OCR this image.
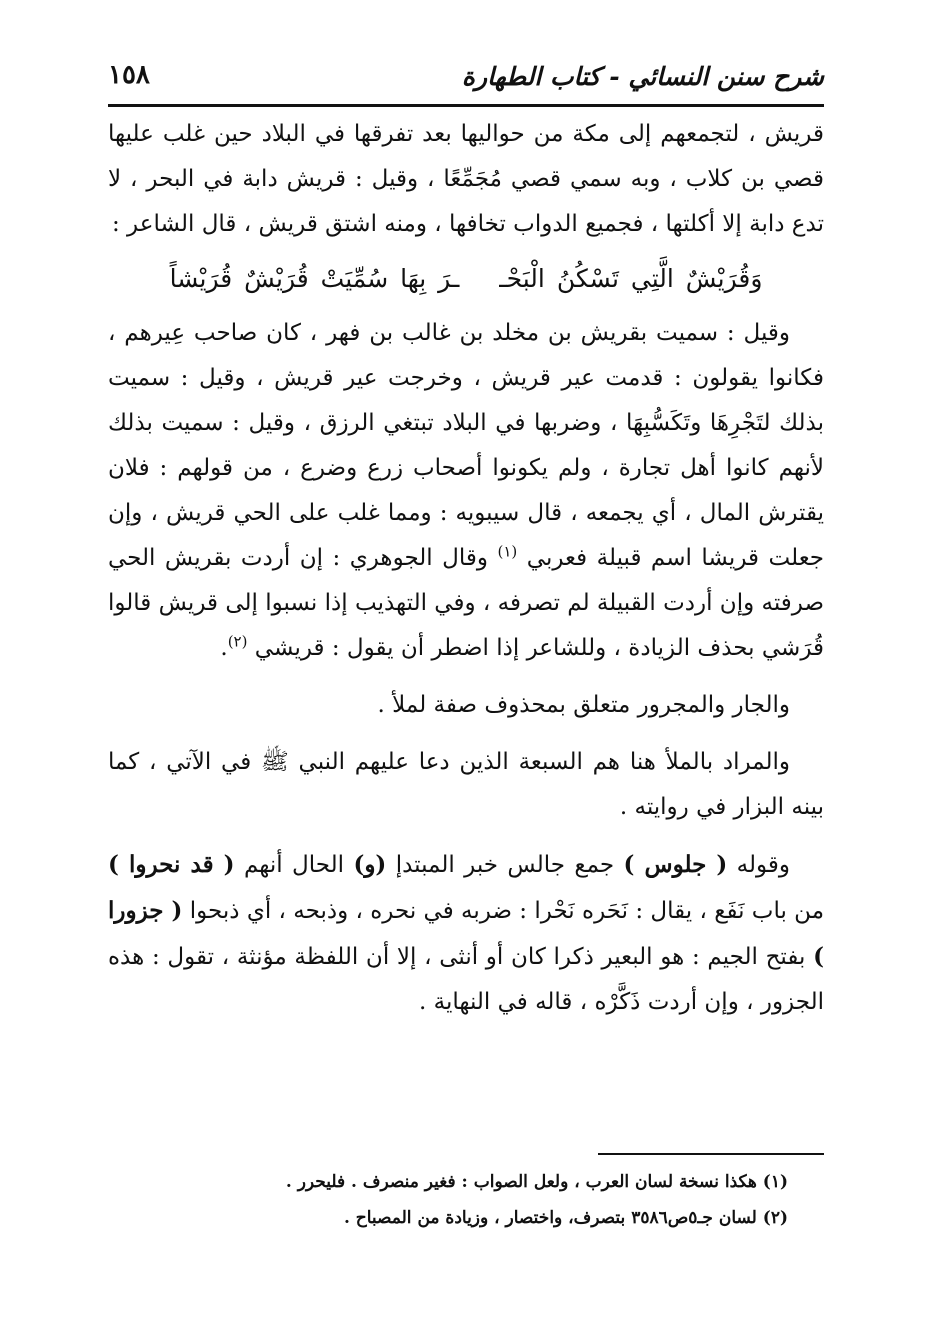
شرح سنن النسائي - كتاب الطهارة
١٥٨

قريش ، لتجمعهم إلى مكة من حواليها بعد تفرقها في البلاد حين غلب عليها قصي بن كلاب ، وبه سمي قصي مُجَمِّعًا ، وقيل : قريش دابة في البحر ، لا تدع دابة إلا أكلتها ، فجميع الدواب تخافها ، ومنه اشتق قريش ، قال الشاعر :

وَقُرَيْشٌ الَّتِي تَسْكُنُ الْبَحْــرَ بِهَا سُمِّيَتْ قُرَيْشٌ قُرَيْشاً

وقيل : سميت بقريش بن مخلد بن غالب بن فهر ، كان صاحب عِيرهم ، فكانوا يقولون : قدمت عير قريش ، وخرجت عير قريش ، وقيل : سميت بذلك لتَجْرِهَا وتَكَسُّبِهَا ، وضربها في البلاد تبتغي الرزق ، وقيل : سميت بذلك لأنهم كانوا أهل تجارة ، ولم يكونوا أصحاب زرع وضرع ، من قولهم : فلان يقترش المال ، أي يجمعه ، قال سيبويه : ومما غلب على الحي قريش ، وإن جعلت قريشا اسم قبيلة فعربي $^{(١)}$ وقال الجوهري : إن أردت بقريش الحي صرفته وإن أردت القبيلة لم تصرفه ، وفي التهذيب إذا نسبوا إلى قريش قالوا قُرَشي بحذف الزيادة ، وللشاعر إذا اضطر أن يقول : قريشي $^{(٢)}$.

والجار والمجرور متعلق بمحذوف صفة لملأ .

والمراد بالملأ هنا هم السبعة الذين دعا عليهم النبي ﷺ في الآتي ، كما بينه البزار في روايته .

وقوله ( جلوس ) جمع جالس خبر المبتدإ (و) الحال أنهم ( قد نحروا ) من باب نَفَع ، يقال : نَحَره نَحْرا : ضربه في نحره ، وذبحه ، أي ذبحوا ( جزورا ) بفتح الجيم : هو البعير ذكرا كان أو أنثى ، إلا أن اللفظة مؤنثة ، تقول : هذه الجزور ، وإن أردت ذَكَّرْه ، قاله في النهاية .

(١) هكذا نسخة لسان العرب ، ولعل الصواب : فغير منصرف . فليحرر .
(٢) لسان جـ٥ص٣٥٨٦ بتصرف، واختصار ، وزيادة من المصباح .
